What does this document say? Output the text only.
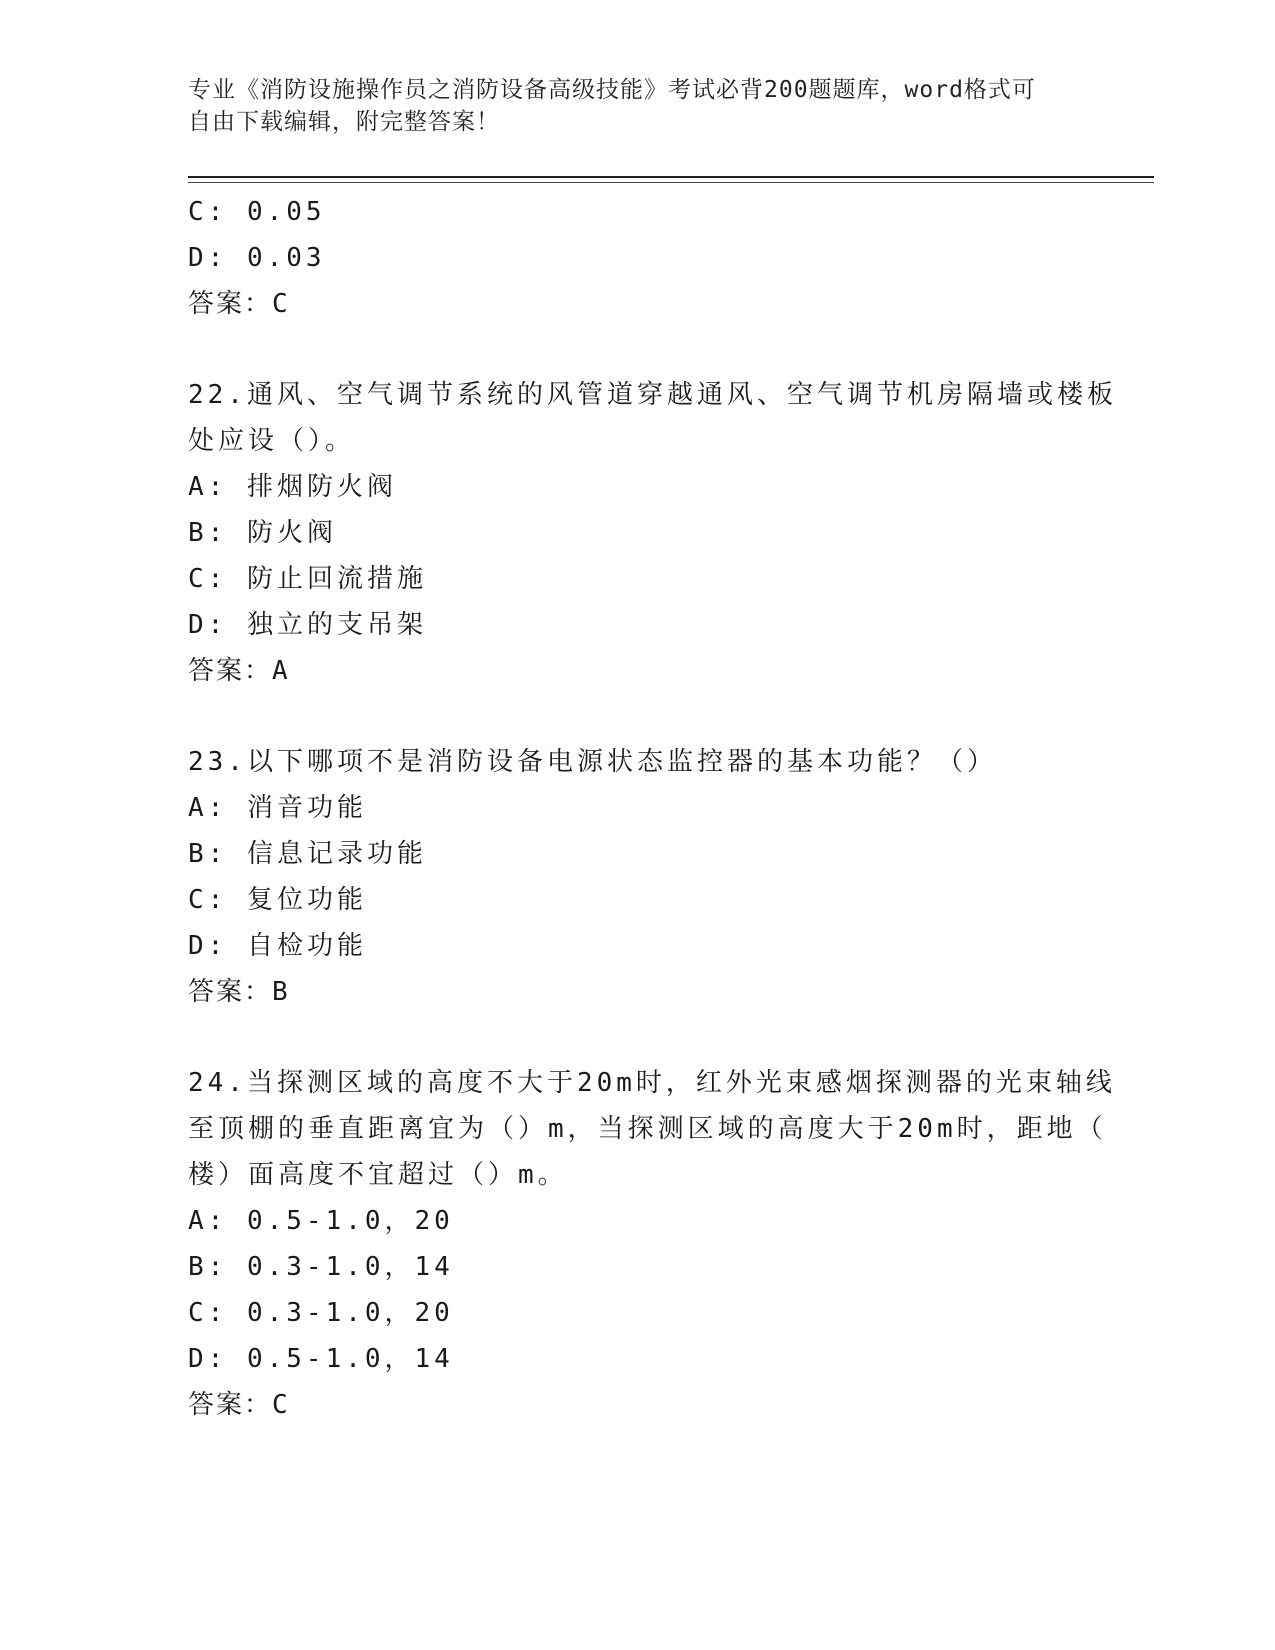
专业《消防设施操作员之消防设备高级技能》考试必背200题题库，word格式可
自由下载编辑，附完整答案！
C: 0.05
D: 0.03
答案：C
22.通风、空气调节系统的风管道穿越通风、空气调节机房隔墙或楼板
处应设（）。
A: 排烟防火阀
B: 防火阀
C: 防止回流措施
D: 独立的支吊架
答案：A
23.以下哪项不是消防设备电源状态监控器的基本功能？（）
A: 消音功能
B: 信息记录功能
C: 复位功能
D: 自检功能
答案：B
24.当探测区域的高度不大于20m时，红外光束感烟探测器的光束轴线
至顶棚的垂直距离宜为（）m，当探测区域的高度大于20m时，距地（
楼）面高度不宜超过（）m。
A: 0.5-1.0，20
B: 0.3-1.0，14
C: 0.3-1.0，20
D: 0.5-1.0，14
答案：C
